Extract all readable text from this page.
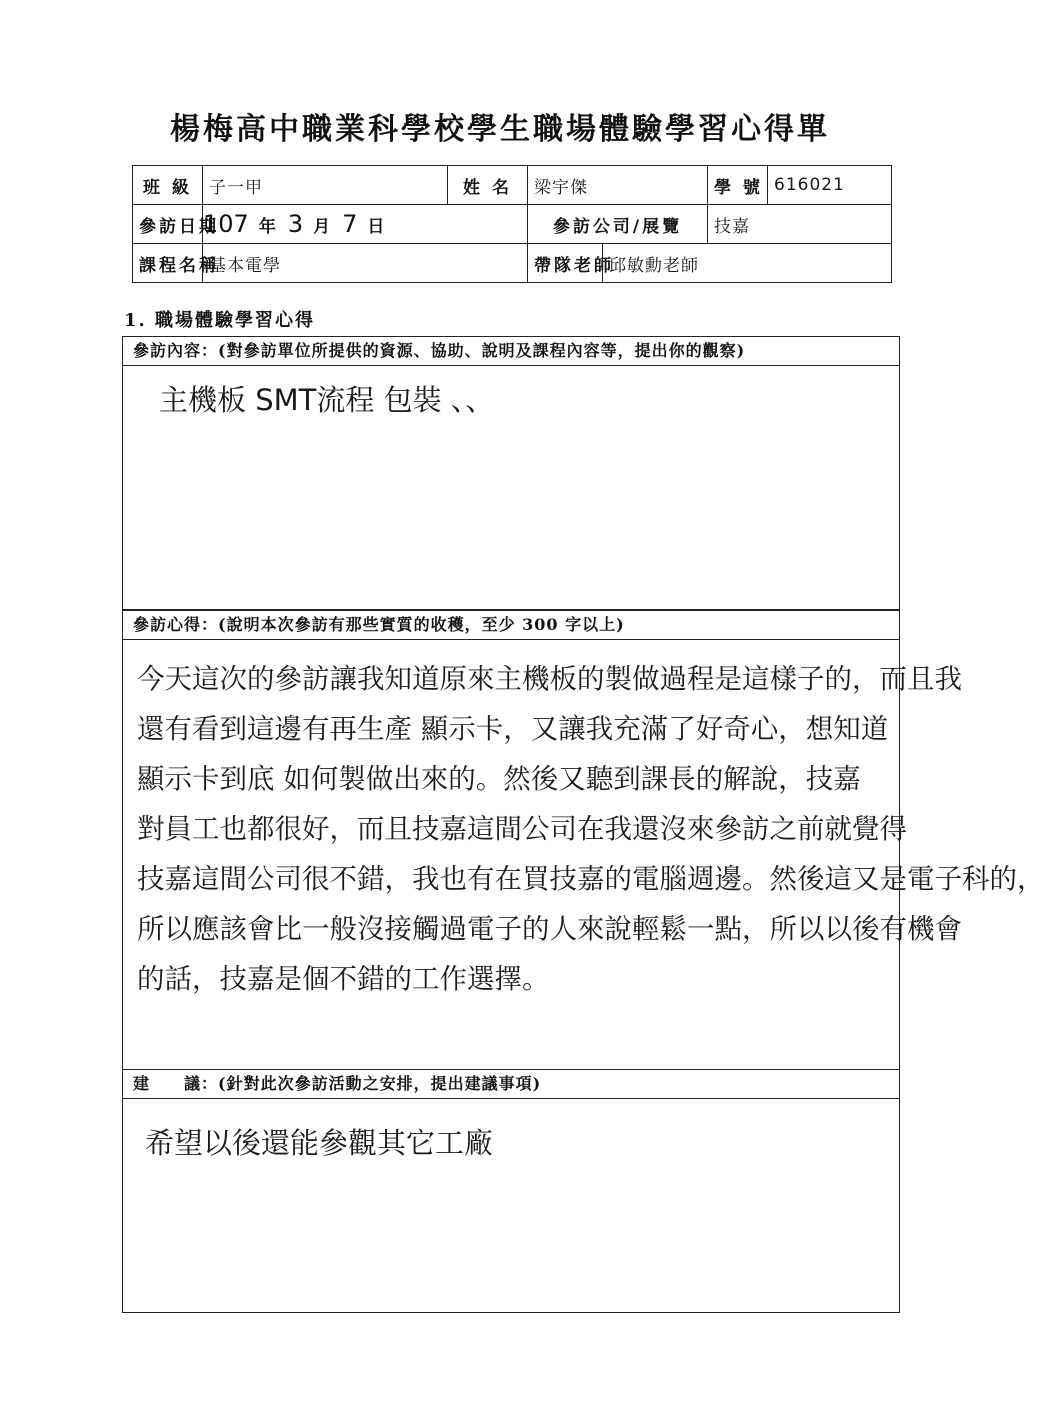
楊梅高中職業科學校學生職場體驗學習心得單
班 級	子一甲	姓 名	梁宇傑		學 號	616021
參訪日期	107 年 3 月 7 日		參訪公司/展覽		技嘉	
課程名稱	基本電學		帶隊老師	邱敏勳老師		
1. 職場體驗學習心得
參訪內容：(對參訪單位所提供的資源、協助、說明及課程內容等，提出你的觀察)

主機板 SMT流程 包裝 、、

參訪心得：(說明本次參訪有那些實質的收穫，至少 300 字以上)

今天這次的參訪讓我知道原來主機板的製做過程是這樣子的，而且我

還有看到這邊有再生產 顯示卡，又讓我充滿了好奇心，想知道

顯示卡到底 如何製做出來的。然後又聽到課長的解說，技嘉

對員工也都很好，而且技嘉這間公司在我還沒來參訪之前就覺得

技嘉這間公司很不錯，我也有在買技嘉的電腦週邊。然後這又是電子科的，

所以應該會比一般沒接觸過電子的人來說輕鬆一點，所以以後有機會

的話，技嘉是個不錯的工作選擇。

建　　議：(針對此次參訪活動之安排，提出建議事項)

希望以後還能參觀其它工廠
